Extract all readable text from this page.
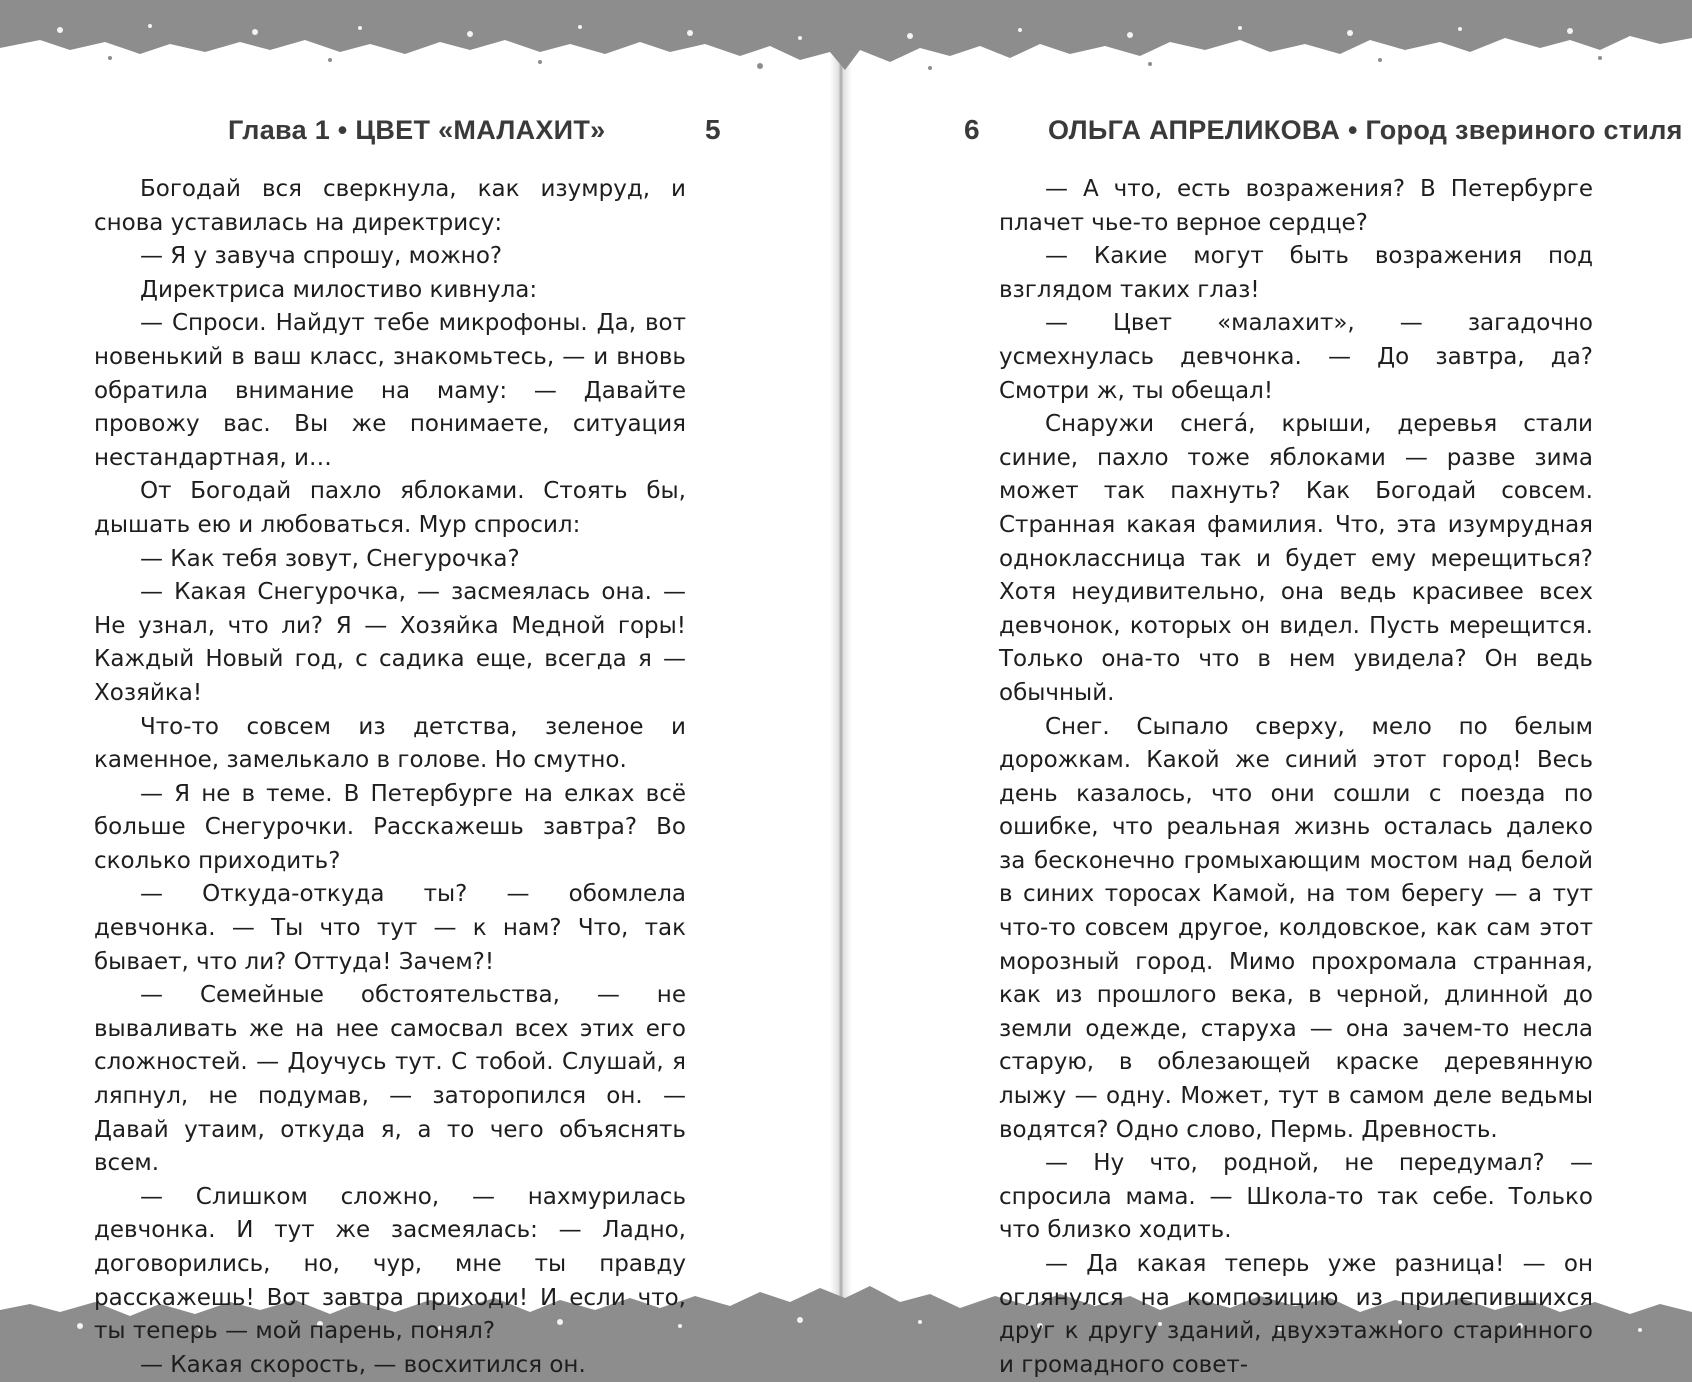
Глава 1 • ЦВЕТ «МАЛАХИТ»	5

Богодай вся сверкнула, как изумруд, и снова уставилась на директрису:

— Я у завуча спрошу, можно?

Директриса милостиво кивнула:

— Спроси. Найдут тебе микрофоны. Да, вот новенький в ваш класс, знакомьтесь, — и вновь обратила внимание на маму: — Давайте провожу вас. Вы же понимаете, ситуация нестандартная, и…

От Богодай пахло яблоками. Стоять бы, дышать ею и любоваться. Мур спросил:

— Как тебя зовут, Снегурочка?

— Какая Снегурочка, — засмеялась она. — Не узнал, что ли? Я — Хозяйка Медной горы! Каждый Новый год, с садика еще, всегда я — Хозяйка!

Что-то совсем из детства, зеленое и каменное, замелькало в голове. Но смутно.

— Я не в теме. В Петербурге на елках всё больше Снегурочки. Расскажешь завтра? Во сколько приходить?

— Откуда-откуда ты? — обомлела девчонка. — Ты что тут — к нам? Что, так бывает, что ли? Оттуда! Зачем?!

— Семейные обстоятельства, — не вываливать же на нее самосвал всех этих его сложностей. — Доучусь тут. С тобой. Слушай, я ляпнул, не подумав, — заторопился он. — Давай утаим, откуда я, а то чего объяснять всем.

— Слишком сложно, — нахмурилась девчонка. И тут же засмеялась: — Ладно, договорились, но, чур, мне ты правду расскажешь! Вот завтра приходи! И если что, ты теперь — мой парень, понял?

— Какая скорость, — восхитился он.

6	ОЛЬГА АПРЕЛИКОВА • Город звериного стиля

— А что, есть возражения? В Петербурге плачет чье-то верное сердце?

— Какие могут быть возражения под взглядом таких глаз!

— Цвет «малахит», — загадочно усмехнулась девчонка. — До завтра, да? Смотри ж, ты обещал!

Снаружи снега́, крыши, деревья стали синие, пахло тоже яблоками — разве зима может так пахнуть? Как Богодай совсем. Странная какая фамилия. Что, эта изумрудная одноклассница так и будет ему мерещиться? Хотя неудивительно, она ведь красивее всех девчонок, которых он видел. Пусть мерещится. Только она-то что в нем увидела? Он ведь обычный.

Снег. Сыпало сверху, мело по белым дорожкам. Какой же синий этот город! Весь день казалось, что они сошли с поезда по ошибке, что реальная жизнь осталась далеко за бесконечно громыхающим мостом над белой в синих торосах Камой, на том берегу — а тут что-то совсем другое, колдовское, как сам этот морозный город. Мимо прохромала странная, как из прошлого века, в черной, длинной до земли одежде, старуха — она зачем-то несла старую, в облезающей краске деревянную лыжу — одну. Может, тут в самом деле ведьмы водятся? Одно слово, Пермь. Древность.

— Ну что, родной, не передумал? — спросила мама. — Школа-то так себе. Только что близко ходить.

— Да какая теперь уже разница! — он оглянулся на композицию из прилепившихся друг к другу зданий, двухэтажного старинного и громадного совет-
